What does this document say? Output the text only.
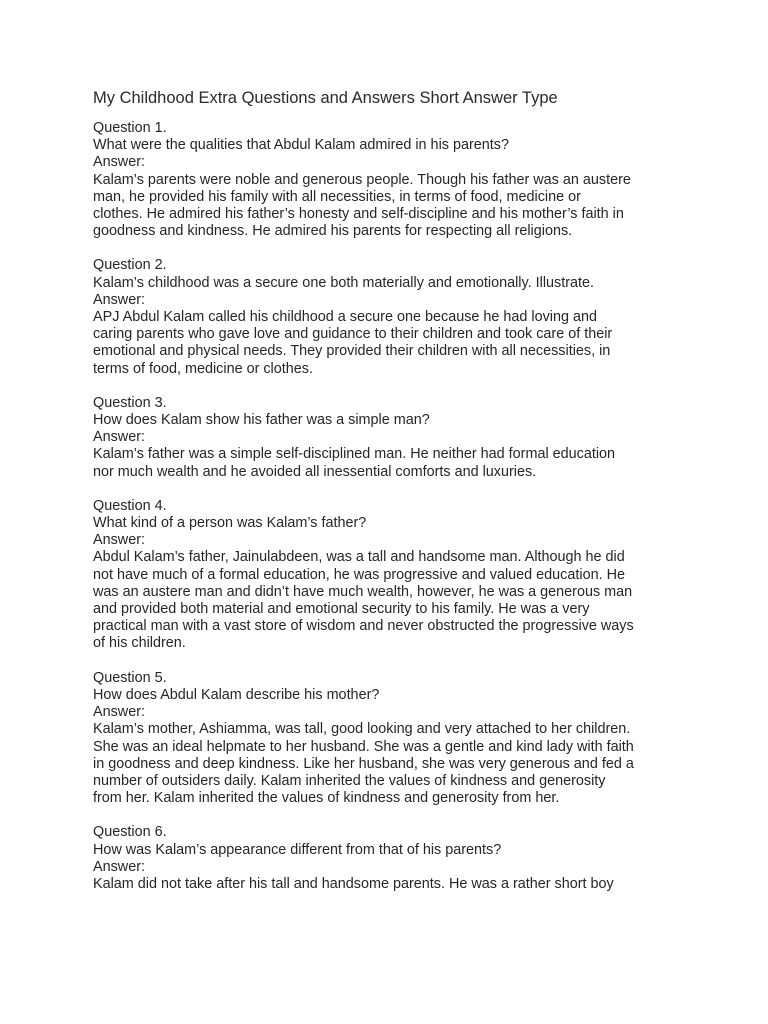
My Childhood Extra Questions and Answers Short Answer Type
Question 1.
What were the qualities that Abdul Kalam admired in his parents?
Answer:
Kalam’s parents were noble and generous people. Though his father was an austere
man, he provided his family with all necessities, in terms of food, medicine or
clothes. He admired his father’s honesty and self-discipline and his mother’s faith in
goodness and kindness. He admired his parents for respecting all religions.
Question 2.
Kalam’s childhood was a secure one both materially and emotionally. Illustrate.
Answer:
APJ Abdul Kalam called his childhood a secure one because he had loving and
caring parents who gave love and guidance to their children and took care of their
emotional and physical needs. They provided their children with all necessities, in
terms of food, medicine or clothes.
Question 3.
How does Kalam show his father was a simple man?
Answer:
Kalam’s father was a simple self-disciplined man. He neither had formal education
nor much wealth and he avoided all inessential comforts and luxuries.
Question 4.
What kind of a person was Kalam’s father?
Answer:
Abdul Kalam’s father, Jainulabdeen, was a tall and handsome man. Although he did
not have much of a formal education, he was progressive and valued education. He
was an austere man and didn’t have much wealth, however, he was a generous man
and provided both material and emotional security to his family. He was a very
practical man with a vast store of wisdom and never obstructed the progressive ways
of his children.
Question 5.
How does Abdul Kalam describe his mother?
Answer:
Kalam’s mother, Ashiamma, was tall, good looking and very attached to her children.
She was an ideal helpmate to her husband. She was a gentle and kind lady with faith
in goodness and deep kindness. Like her husband, she was very generous and fed a
number of outsiders daily. Kalam inherited the values of kindness and generosity
from her. Kalam inherited the values of kindness and generosity from her.
Question 6.
How was Kalam’s appearance different from that of his parents?
Answer:
Kalam did not take after his tall and handsome parents. He was a rather short boy
